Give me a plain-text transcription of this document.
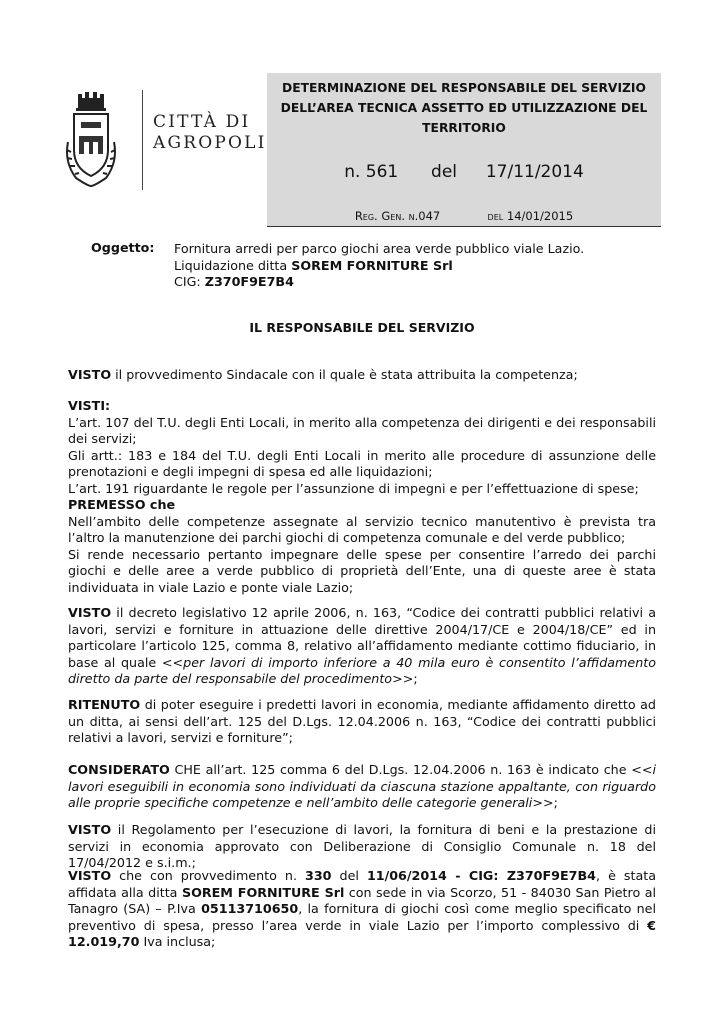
CITTÀ DI
AGROPOLI
DETERMINAZIONE DEL RESPONSABILE DEL SERVIZIO
DELL’AREA TECNICA ASSETTO ED UTILIZZAZIONE DEL
TERRITORIO
n. 561 del 17/11/2014
Reg. Gen. n.047	del 14/01/2015
Oggetto: Fornitura arredi per parco giochi area verde pubblico viale Lazio.
Liquidazione ditta SOREM FORNITURE Srl
CIG: Z370F9E7B4
IL RESPONSABILE DEL SERVIZIO
VISTO il provvedimento Sindacale con il quale è stata attribuita la competenza;
VISTI:
L’art. 107 del T.U. degli Enti Locali, in merito alla competenza dei dirigenti e dei responsabili dei servizi;
Gli artt.: 183 e 184 del T.U. degli Enti Locali in merito alle procedure di assunzione delle prenotazioni e degli impegni di spesa ed alle liquidazioni;
L’art. 191 riguardante le regole per l’assunzione di impegni e per l’effettuazione di spese;
PREMESSO che
Nell’ambito delle competenze assegnate al servizio tecnico manutentivo è prevista tra l’altro la manutenzione dei parchi giochi di competenza comunale e del verde pubblico;
Si rende necessario pertanto impegnare delle spese per consentire l’arredo dei parchi giochi e delle aree a verde pubblico di proprietà dell’Ente, una di queste aree è stata individuata in viale Lazio e ponte viale Lazio;
VISTO il decreto legislativo 12 aprile 2006, n. 163, “Codice dei contratti pubblici relativi a lavori, servizi e forniture in attuazione delle direttive 2004/17/CE e 2004/18/CE” ed in particolare l’articolo 125, comma 8, relativo all’affidamento mediante cottimo fiduciario, in base al quale <<per lavori di importo inferiore a 40 mila euro è consentito l’affidamento diretto da parte del responsabile del procedimento>>;
RITENUTO di poter eseguire i predetti lavori in economia, mediante affidamento diretto ad un ditta, ai sensi dell’art. 125 del D.Lgs. 12.04.2006 n. 163, “Codice dei contratti pubblici relativi a lavori, servizi e forniture”;
CONSIDERATO CHE all’art. 125 comma 6 del D.Lgs. 12.04.2006 n. 163 è indicato che <<i lavori eseguibili in economia sono individuati da ciascuna stazione appaltante, con riguardo alle proprie specifiche competenze e nell’ambito delle categorie generali>>;
VISTO il Regolamento per l’esecuzione di lavori, la fornitura di beni e la prestazione di servizi in economia approvato con Deliberazione di Consiglio Comunale n. 18 del 17/04/2012 e s.i.m.;
VISTO che con provvedimento n. 330 del 11/06/2014 - CIG: Z370F9E7B4, è stata affidata alla ditta SOREM FORNITURE Srl con sede in via Scorzo, 51 - 84030 San Pietro al Tanagro (SA) – P.Iva 05113710650, la fornitura di giochi così come meglio specificato nel preventivo di spesa, presso l’area verde in viale Lazio per l’importo complessivo di € 12.019,70 Iva inclusa;
